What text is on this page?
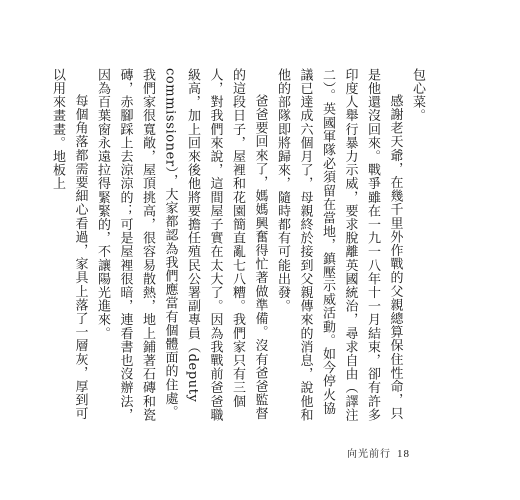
包心菜。

感謝老天爺，在幾千里外作戰的父親總算保住性命，只是他還沒回來。戰爭雖在一九一八年十一月結束，卻有許多印度人舉行暴力示威，要求脫離英國統治，尋求自由（譯注二）。英國軍隊必須留在當地，鎮壓示威活動。如今停火協議已達成六個月了，母親終於接到父親傳來的消息，說他和他的部隊即將歸來，隨時都有可能出發。

爸爸要回來了，媽媽興奮得忙著做準備。沒有爸爸監督的這段日子，屋裡和花園簡直亂七八糟。我們家只有三個人，對我們來說，這間屋子實在太大了。因為我戰前爸爸職級高，加上回來後他將要擔任殖民公署副專員（deputy commissioner），大家都認為我們應當有個體面的住處。我們家很寬敞，屋頂挑高，很容易散熱，地上鋪著石磚和瓷磚，赤腳踩上去涼涼的；可是屋裡很暗，連看書也沒辦法，因為百葉窗永遠拉得緊緊的，不讓陽光進來。

每個角落都需要細心看過，家具上落了一層灰，厚到可以用來畫畫。地板上

向光前行 18
